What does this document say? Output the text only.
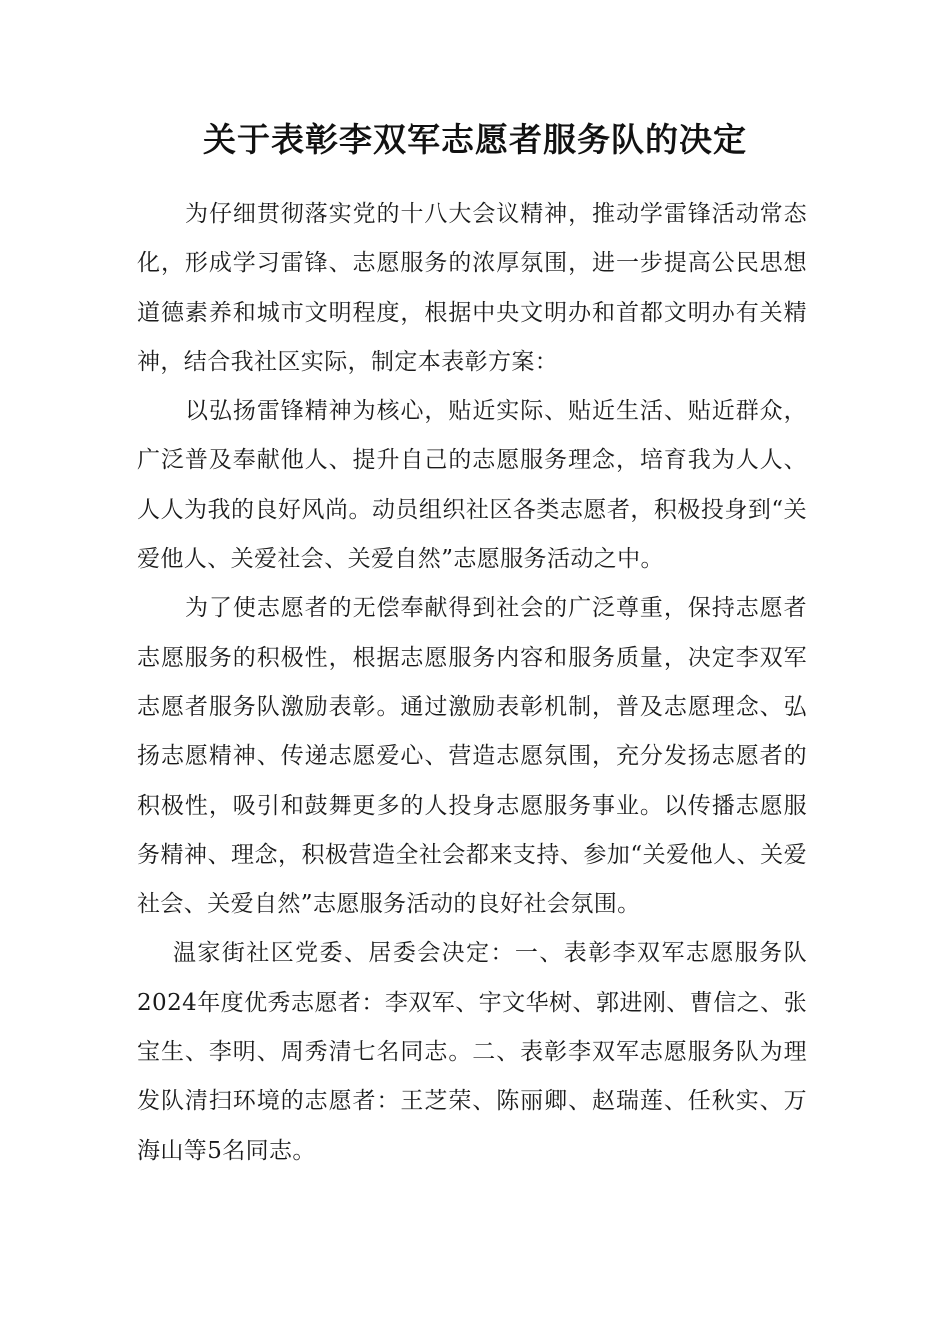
关于表彰李双军志愿者服务队的决定

为仔细贯彻落实党的十八大会议精神，推动学雷锋活动常态化，形成学习雷锋、志愿服务的浓厚氛围，进一步提高公民思想道德素养和城市文明程度，根据中央文明办和首都文明办有关精神，结合我社区实际，制定本表彰方案：

以弘扬雷锋精神为核心，贴近实际、贴近生活、贴近群众，广泛普及奉献他人、提升自己的志愿服务理念，培育我为人人、人人为我的良好风尚。动员组织社区各类志愿者，积极投身到“关爱他人、关爱社会、关爱自然”志愿服务活动之中。

为了使志愿者的无偿奉献得到社会的广泛尊重，保持志愿者志愿服务的积极性，根据志愿服务内容和服务质量，决定李双军志愿者服务队激励表彰。通过激励表彰机制，普及志愿理念、弘扬志愿精神、传递志愿爱心、营造志愿氛围，充分发扬志愿者的积极性，吸引和鼓舞更多的人投身志愿服务事业。以传播志愿服务精神、理念，积极营造全社会都来支持、参加“关爱他人、关爱社会、关爱自然”志愿服务活动的良好社会氛围。

温家街社区党委、居委会决定：一、表彰李双军志愿服务队2024年度优秀志愿者：李双军、宇文华树、郭进刚、曹信之、张宝生、李明、周秀清七名同志。二、表彰李双军志愿服务队为理发队清扫环境的志愿者：王芝荣、陈丽卿、赵瑞莲、任秋实、万海山等5名同志。
